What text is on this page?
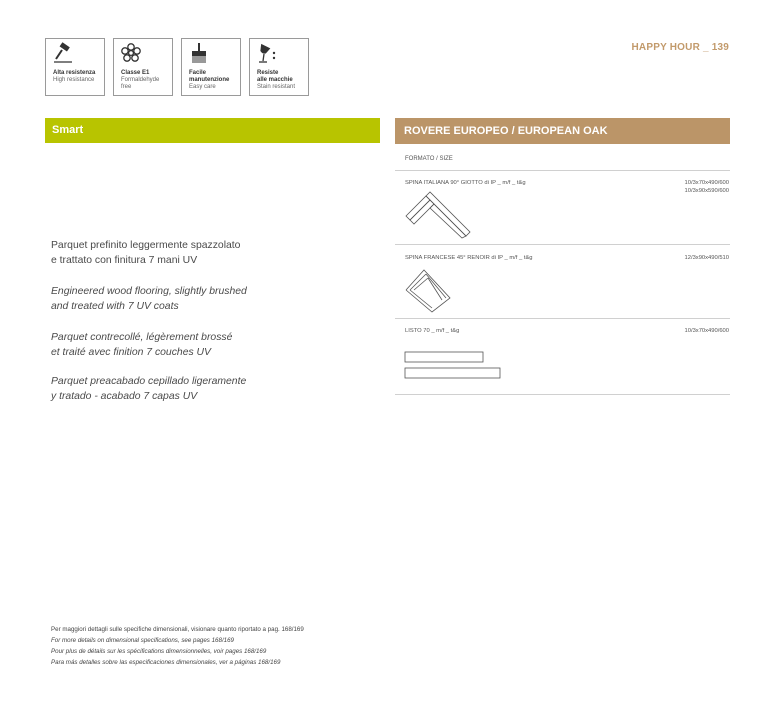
Alta resistenza
High resistance
Classe E1
Formaldehyde
free
Facile
manutenzione
Easy care
Resiste
alle macchie
Stain resistant
HAPPY HOUR _ 139
Smart
Parquet prefinito leggermente spazzolato
e trattato con finitura 7 mani UV
Engineered wood flooring, slightly brushed
and treated with 7 UV coats
Parquet contrecollé, légèrement brossé
et traité avec finition 7 couches UV
Parquet preacabado cepillado ligeramente
y tratado - acabado 7 capas UV
ROVERE EUROPEO / EUROPEAN OAK
FORMATO / SIZE
SPINA ITALIANA 90° GIOTTO di IP _ m/f _ t&g	10/3x70x490/600
10/3x90x590/600
SPINA FRANCESE 45° RENOIR di IP _ m/f _ t&g	12/3x90x490/510
LISTO 70 _ m/f _ t&g	10/3x70x490/600
Per maggiori dettagli sulle specifiche dimensionali, visionare quanto riportato a pag. 168/169
For more details on dimensional specifications, see pages 168/169
Pour plus de détails sur les spécifications dimensionnelles, voir pages 168/169
Para más detalles sobre las especificaciones dimensionales, ver a páginas 168/169
